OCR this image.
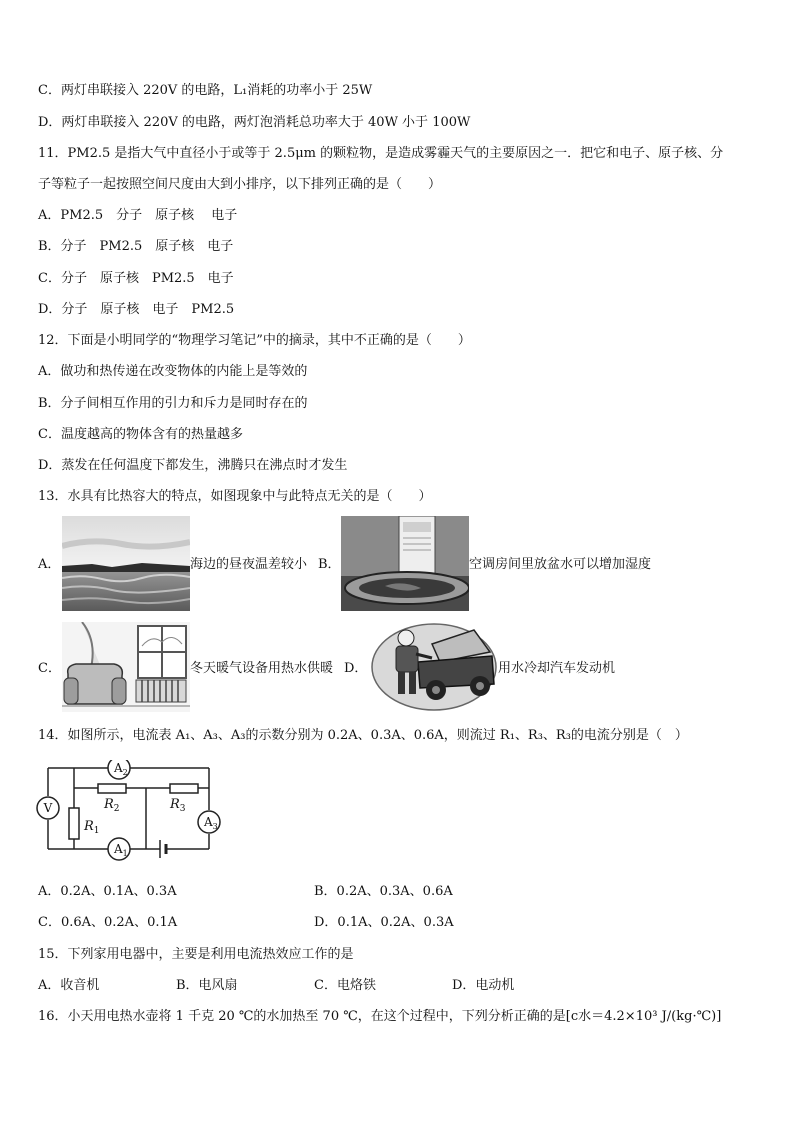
C．两灯串联接入 220V 的电路，L₁消耗的功率小于 25W
D．两灯串联接入 220V 的电路，两灯泡消耗总功率大于 40W 小于 100W
11．PM2.5 是指大气中直径小于或等于 2.5μm 的颗粒物，是造成雾霾天气的主要原因之一．把它和电子、原子核、分
子等粒子一起按照空间尺度由大到小排序，以下排列正确的是（　　）
A．PM2.5　分子　原子核　 电子
B．分子　PM2.5　原子核　电子
C．分子　原子核　PM2.5　电子
D．分子　原子核　电子　PM2.5
12．下面是小明同学的“物理学习笔记”中的摘录，其中不正确的是（　　）
A．做功和热传递在改变物体的内能上是等效的
B．分子间相互作用的引力和斥力是同时存在的
C．温度越高的物体含有的热量越多
D．蒸发在任何温度下都发生，沸腾只在沸点时才发生
13．水具有比热容大的特点，如图现象中与此特点无关的是（　　）
A．	海边的昼夜温差较小 B．	空调房间里放盆水可以增加湿度
C．	冬天暖气设备用热水供暖 D．	用水冷却汽车发动机
14．如图所示，电流表 A₁、A₃、A₃的示数分别为 0.2A、0.3A、0.6A，则流过 R₁、R₃、R₃的电流分别是（　）
V
$A_2$
$A_3$
$A_1$
$R_1$
$R_2$	$R_3$
A．0.2A、0.1A、0.3A	B．0.2A、0.3A、0.6A
C．0.6A、0.2A、0.1A	D．0.1A、0.2A、0.3A
15．下列家用电器中，主要是利用电流热效应工作的是
A．收音机	B．电风扇	C．电烙铁	D．电动机
16．小天用电热水壶将 1 千克 20 ℃的水加热至 70 ℃，在这个过程中，下列分析正确的是[c水＝4.2×10³ J/(kg·℃)]
